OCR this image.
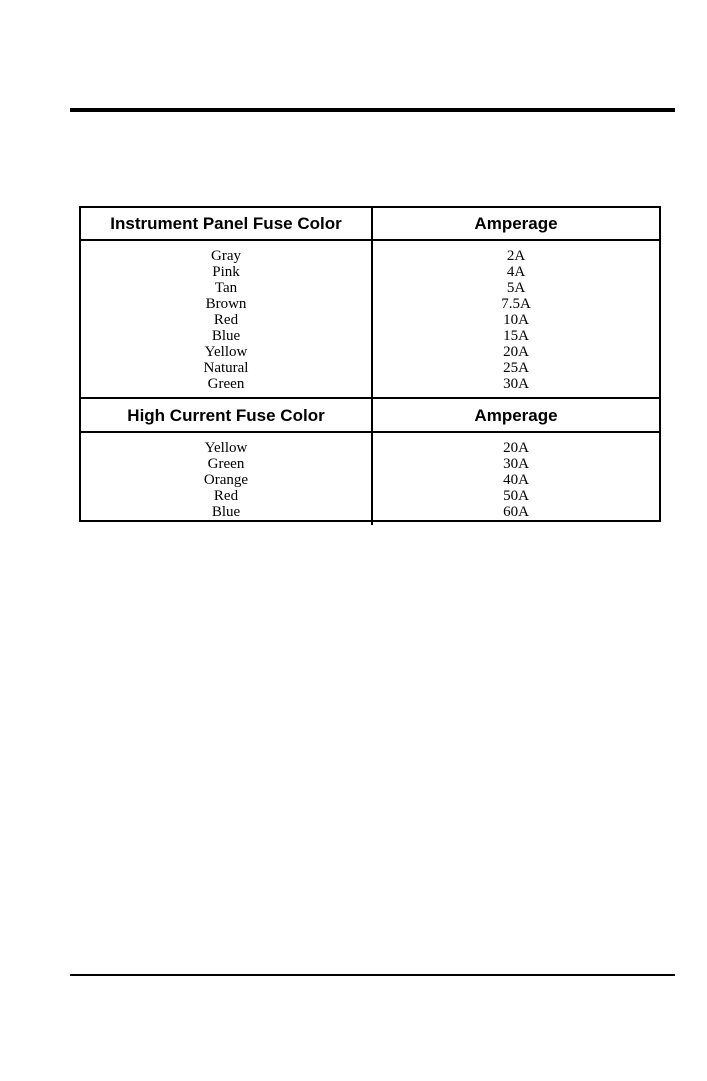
Instrument Panel Fuse Color	Amperage
Gray
Pink
Tan
Brown
Red
Blue
Yellow
Natural
Green
2A
4A
5A
7.5A
10A
15A
20A
25A
30A
High Current Fuse Color	Amperage
Yellow
Green
Orange
Red
Blue
20A
30A
40A
50A
60A
